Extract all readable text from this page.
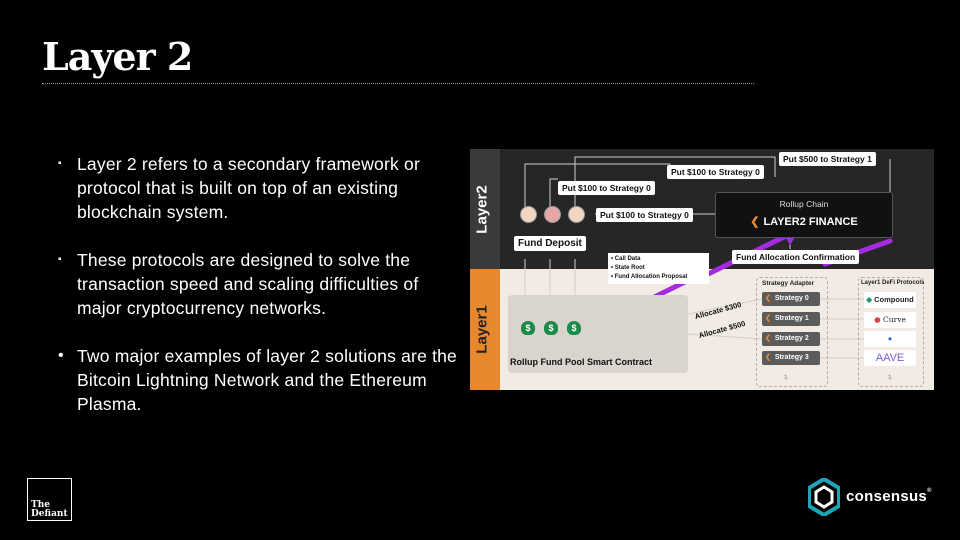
Layer 2
▪ Layer 2 refers to a secondary framework or protocol that is built on top of an existing blockchain system.
▪ These protocols are designed to solve the transaction speed and scaling difficulties of major cryptocurrency networks.
• Two major examples of layer 2 solutions are the Bitcoin Lightning Network and the Ethereum Plasma.
Layer2
Layer1
Put $500 to Strategy 1
Put $100 to Strategy 0
Put $100 to Strategy 0
Put $100 to Strategy 0
Rollup Chain
❮ LAYER2 FINANCE
Fund Deposit
Fund Allocation Confirmation
• Call Data
• State Root
• Fund Allocation Proposal
$	$	$
Rollup Fund Pool Smart Contract
Allocate $300
Allocate $500
Strategy Adapter
❮ Strategy 0
❮ Strategy 1
❮ Strategy 2
❮ Strategy 3
1
Layer1 DeFi Protocols
◆ Compound
● Curve
●
AAVE
1
The
Defiant
consensus®
